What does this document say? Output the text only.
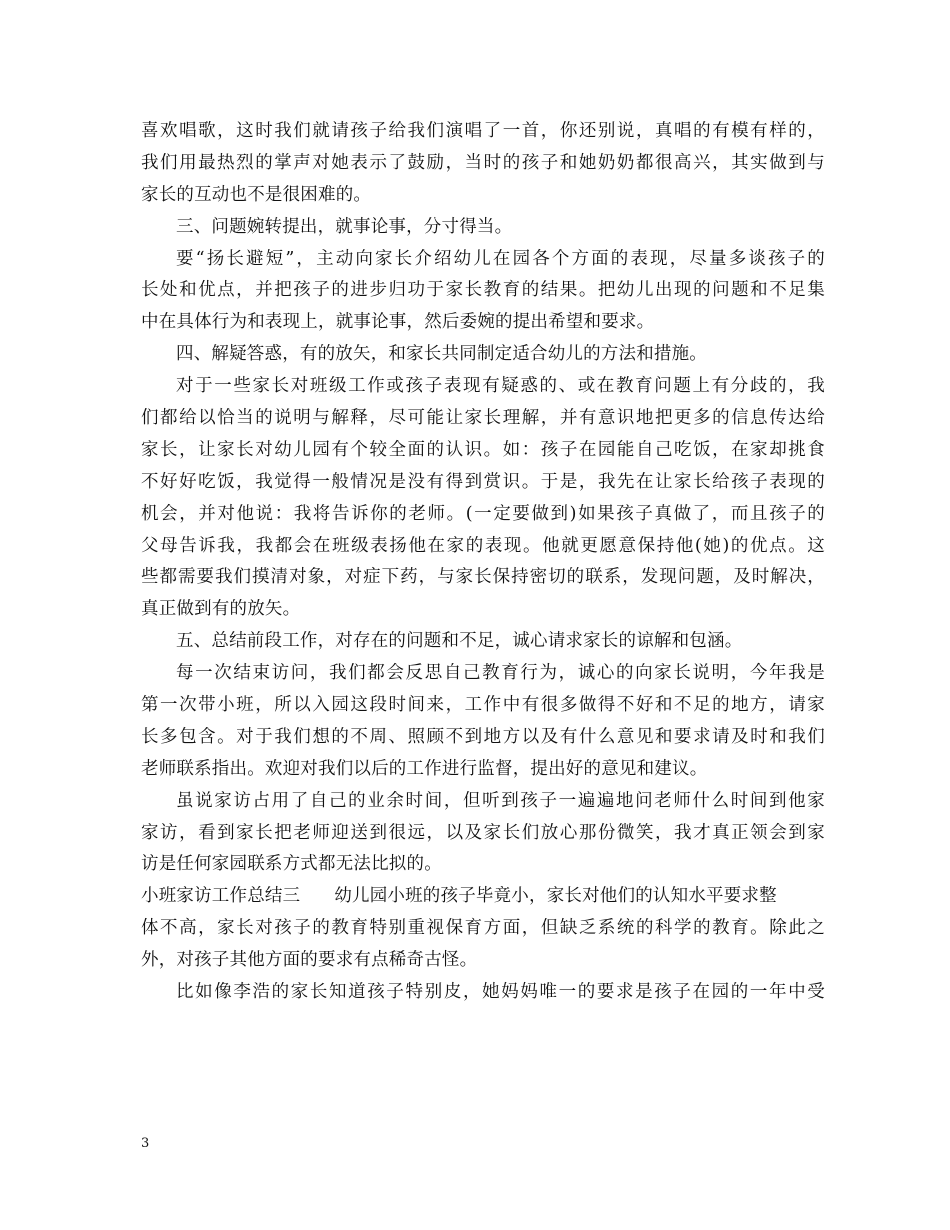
喜欢唱歌，这时我们就请孩子给我们演唱了一首，你还别说，真唱的有模有样的，
我们用最热烈的掌声对她表示了鼓励，当时的孩子和她奶奶都很高兴，其实做到与
家长的互动也不是很困难的。
三、问题婉转提出，就事论事，分寸得当。
要“扬长避短”，主动向家长介绍幼儿在园各个方面的表现，尽量多谈孩子的
长处和优点，并把孩子的进步归功于家长教育的结果。把幼儿出现的问题和不足集
中在具体行为和表现上，就事论事，然后委婉的提出希望和要求。
四、解疑答惑，有的放矢，和家长共同制定适合幼儿的方法和措施。
对于一些家长对班级工作或孩子表现有疑惑的、或在教育问题上有分歧的，我
们都给以恰当的说明与解释，尽可能让家长理解，并有意识地把更多的信息传达给
家长，让家长对幼儿园有个较全面的认识。如：孩子在园能自己吃饭，在家却挑食
不好好吃饭，我觉得一般情况是没有得到赏识。于是，我先在让家长给孩子表现的
机会，并对他说：我将告诉你的老师。(一定要做到)如果孩子真做了，而且孩子的
父母告诉我，我都会在班级表扬他在家的表现。他就更愿意保持他(她)的优点。这
些都需要我们摸清对象，对症下药，与家长保持密切的联系，发现问题，及时解决，
真正做到有的放矢。
五、总结前段工作，对存在的问题和不足，诚心请求家长的谅解和包涵。
每一次结束访问，我们都会反思自己教育行为，诚心的向家长说明，今年我是
第一次带小班，所以入园这段时间来，工作中有很多做得不好和不足的地方，请家
长多包含。对于我们想的不周、照顾不到地方以及有什么意见和要求请及时和我们
老师联系指出。欢迎对我们以后的工作进行监督，提出好的意见和建议。
虽说家访占用了自己的业余时间，但听到孩子一遍遍地问老师什么时间到他家
家访，看到家长把老师迎送到很远，以及家长们放心那份微笑，我才真正领会到家
访是任何家园联系方式都无法比拟的。
小班家访工作总结三 幼儿园小班的孩子毕竟小，家长对他们的认知水平要求整
体不高，家长对孩子的教育特别重视保育方面，但缺乏系统的科学的教育。除此之
外，对孩子其他方面的要求有点稀奇古怪。
比如像李浩的家长知道孩子特别皮，她妈妈唯一的要求是孩子在园的一年中受
3
